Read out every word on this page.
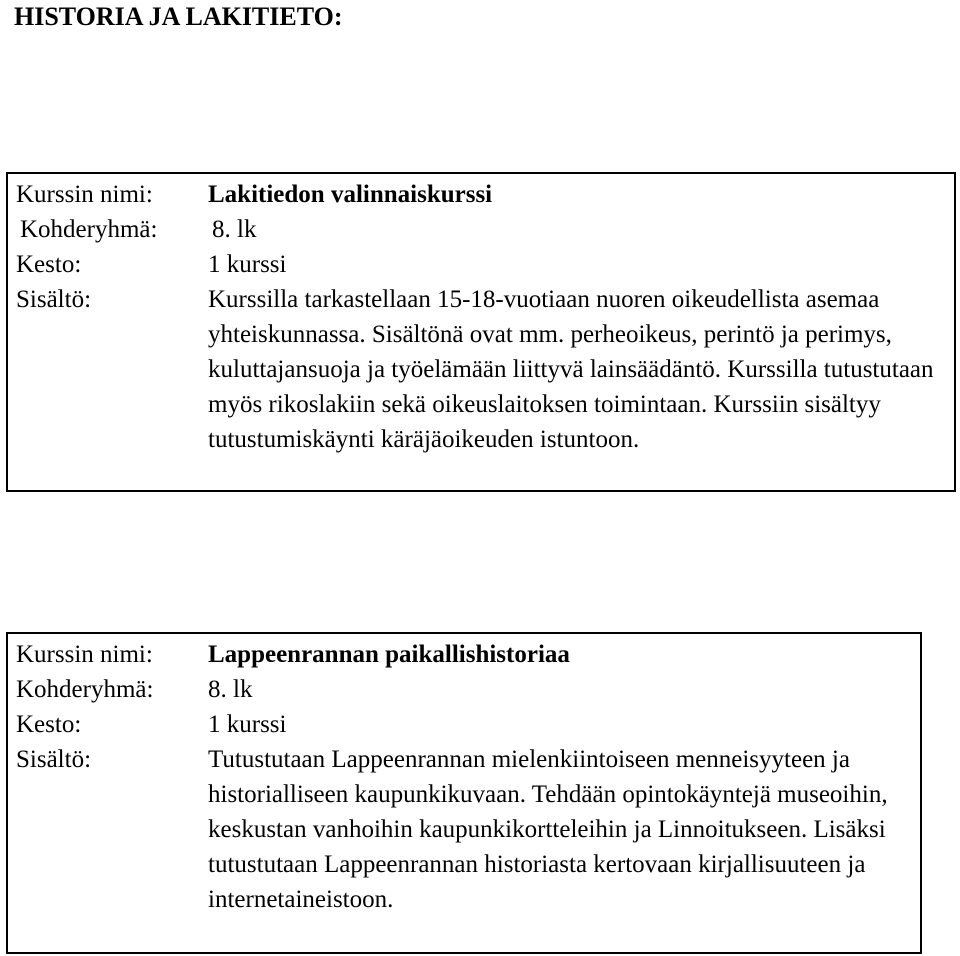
HISTORIA JA LAKITIETO:
Kurssin nimi:	Lakitiedon valinnaiskurssi
Kohderyhmä:	8. lk
Kesto:	1 kurssi
Sisältö:	Kurssilla tarkastellaan 15-18-vuotiaan nuoren oikeudellista asemaa yhteiskunnassa. Sisältönä ovat mm. perheoikeus, perintö ja perimys, kuluttajansuoja ja työelämään liittyvä lainsäädäntö. Kurssilla tutustutaan myös rikoslakiin sekä oikeuslaitoksen toimintaan. Kurssiin sisältyy tutustumiskäynti käräjäoikeuden istuntoon.
Kurssin nimi:	Lappeenrannan paikallishistoriaa
Kohderyhmä:	8. lk
Kesto:	1 kurssi
Sisältö:	Tutustutaan Lappeenrannan mielenkiintoiseen menneisyyteen ja historialliseen kaupunkikuvaan. Tehdään opintokäyntejä museoihin, keskustan vanhoihin kaupunkikortteleihin ja Linnoitukseen. Lisäksi tutustutaan Lappeenrannan historiasta kertovaan kirjallisuuteen ja internetaineistoon.
